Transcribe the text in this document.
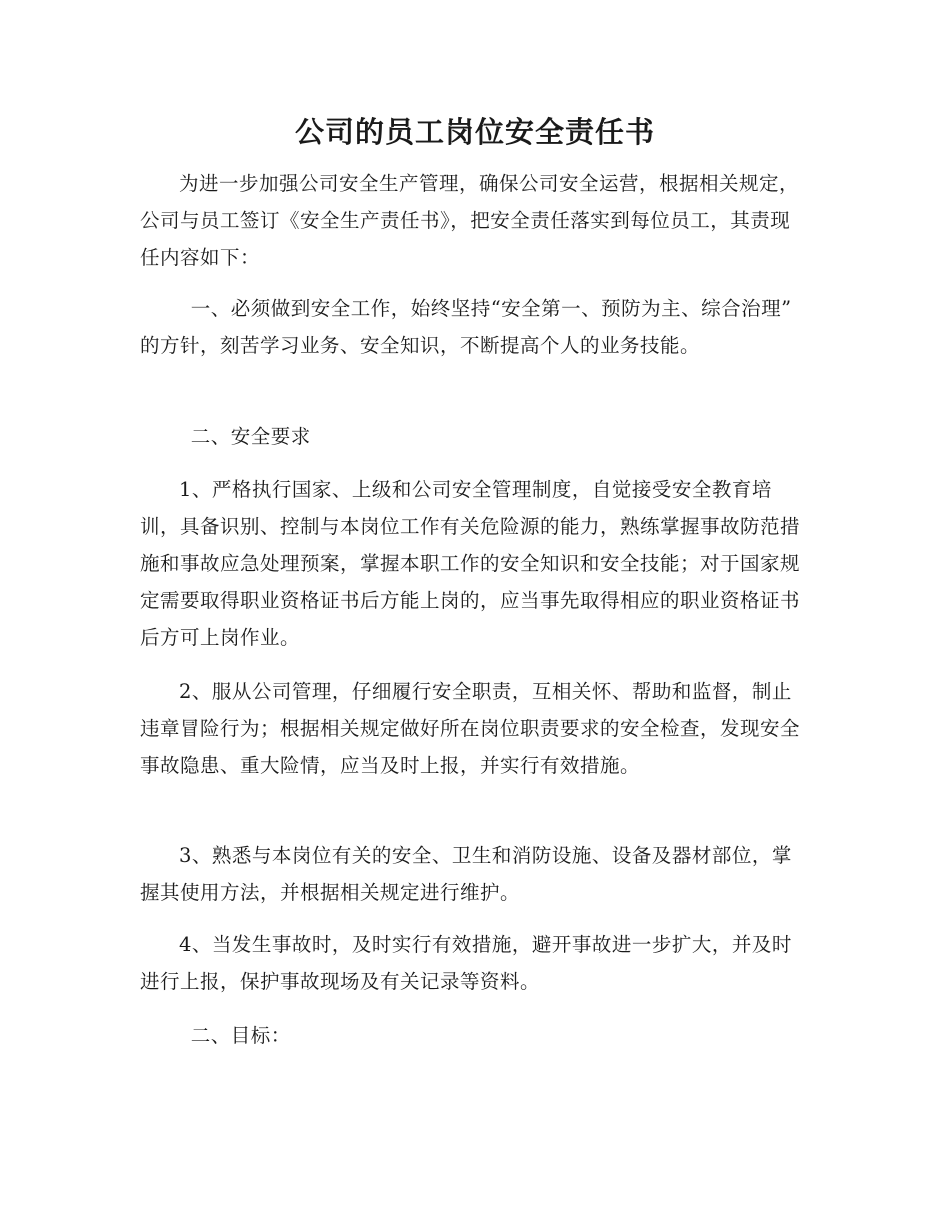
公司的员工岗位安全责任书

为进一步加强公司安全生产管理，确保公司安全运营，根据相关规定，公司与员工签订《安全生产责任书》，把安全责任落实到每位员工，其责现任内容如下：

一、必须做到安全工作，始终坚持“安全第一、预防为主、综合治理” 的方针，刻苦学习业务、安全知识，不断提高个人的业务技能。

二、安全要求

1、严格执行国家、上级和公司安全管理制度，自觉接受安全教育培训，具备识别、控制与本岗位工作有关危险源的能力，熟练掌握事故防范措施和事故应急处理预案，掌握本职工作的安全知识和安全技能；对于国家规定需要取得职业资格证书后方能上岗的，应当事先取得相应的职业资格证书后方可上岗作业。

2、服从公司管理，仔细履行安全职责，互相关怀、帮助和监督，制止违章冒险行为；根据相关规定做好所在岗位职责要求的安全检查，发现安全事故隐患、重大险情，应当及时上报，并实行有效措施。

3、熟悉与本岗位有关的安全、卫生和消防设施、设备及器材部位，掌握其使用方法，并根据相关规定进行维护。

4、当发生事故时，及时实行有效措施，避开事故进一步扩大，并及时进行上报，保护事故现场及有关记录等资料。

二、目标：
